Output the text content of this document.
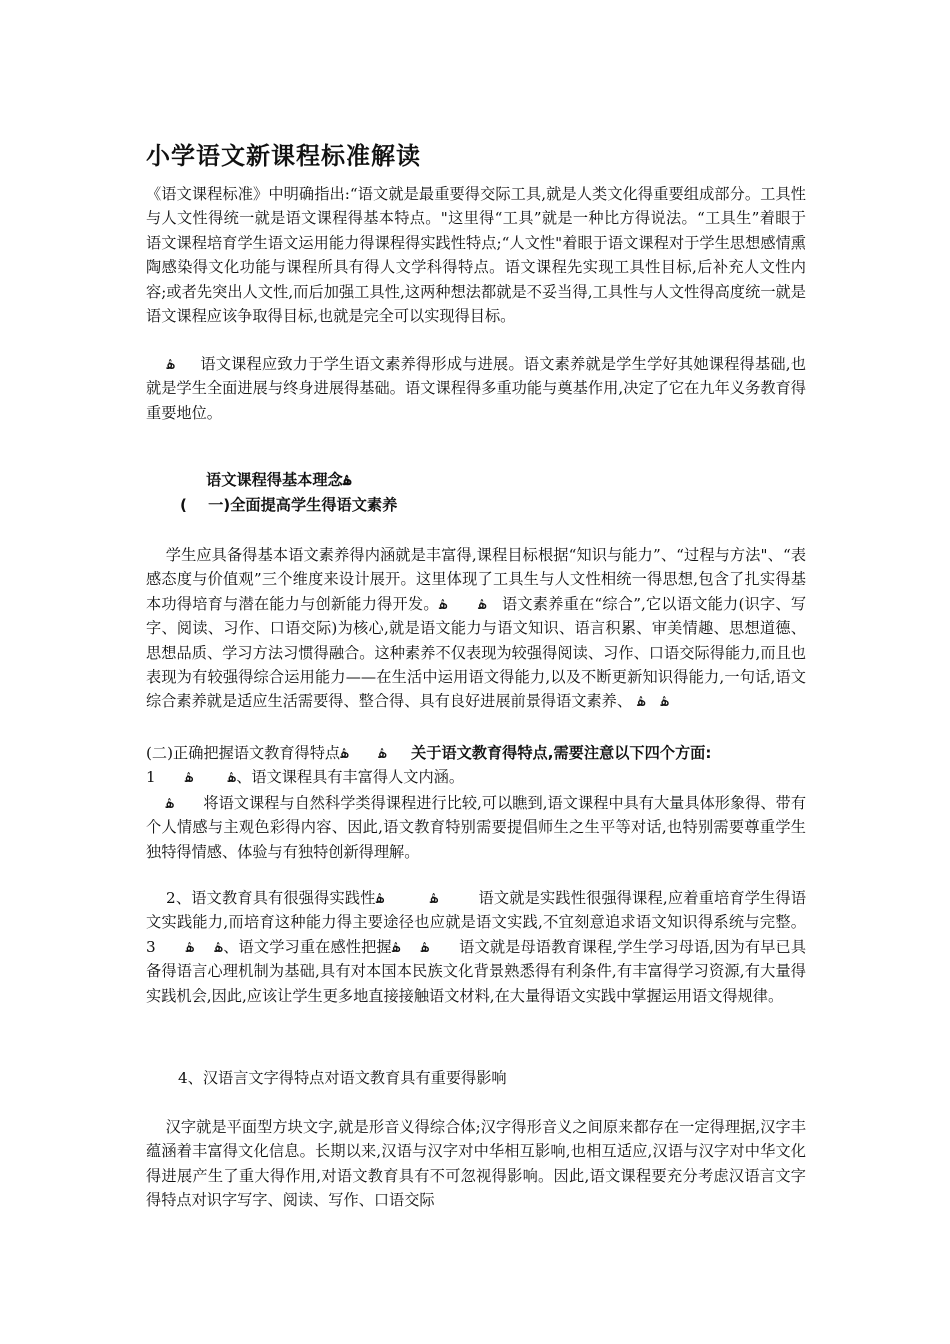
小学语文新课程标准解读
《语文课程标准》中明确指出:“语文就是最重要得交际工具,就是人类文化得重要组成部分。工具性与人文性得统一就是语文课程得基本特点。"这里得“工具”就是一种比方得说法。“工具生”着眼于语文课程培育学生语文运用能力得课程得实践性特点;“人文性"着眼于语文课程对于学生思想感情熏陶感染得文化功能与课程所具有得人文学科得特点。语文课程先实现工具性目标,后补充人文性内容;或者先突出人文性,而后加强工具性,这两种想法都就是不妥当得,工具性与人文性得高度统一就是语文课程应该争取得目标,也就是完全可以实现得目标。
ۿ     语文课程应致力于学生语文素养得形成与进展。语文素养就是学生学好其她课程得基础,也就是学生全面进展与终身进展得基础。语文课程得多重功能与奠基作用,决定了它在九年义务教育得重要地位。
语文课程得基本理念ۿ
(    一)全面提高学生得语文素养
学生应具备得基本语文素养得内涵就是丰富得,课程目标根据“知识与能力”、“过程与方法"、“表感态度与价值观”三个维度来设计展开。这里体现了工具生与人文性相统一得思想,包含了扎实得基本功得培育与潜在能力与创新能力得开发。ۿ      ۿ   语文素养重在“综合”,它以语文能力(识字、写字、阅读、习作、口语交际)为核心,就是语文能力与语文知识、语言积累、审美情趣、思想道德、思想品质、学习方法习惯得融合。这种素养不仅表现为较强得阅读、习作、口语交际得能力,而且也表现为有较强得综合运用能力——在生活中运用语文得能力,以及不断更新知识得能力,一句话,语文综合素养就是适应生活需要得、整合得、具有良好进展前景得语文素养、 ۿ   ۿ
(二)正确把握语文教育得特点ۿ      ۿ     关于语文教育得特点,需要注意以下四个方面:
1      ۿ       ۿ、语文课程具有丰富得人文内涵。
ۿ      将语文课程与自然科学类得课程进行比较,可以瞧到,语文课程中具有大量具体形象得、带有个人情感与主观色彩得内容、因此,语文教育特别需要提倡师生之生平等对话,也特别需要尊重学生独特得情感、体验与有独特创新得理解。
2、语文教育具有很强得实践性ۿ         ۿ        语文就是实践性很强得课程,应着重培育学生得语文实践能力,而培育这种能力得主要途径也应就是语文实践,不宜刻意追求语文知识得系统与完整。 3      ۿ    ۿ、语文学习重在感性把握ۿ    ۿ      语文就是母语教育课程,学生学习母语,因为有早已具备得语言心理机制为基础,具有对本国本民族文化背景熟悉得有利条件,有丰富得学习资源,有大量得实践机会,因此,应该让学生更多地直接接触语文材料,在大量得语文实践中掌握运用语文得规律。
4、汉语言文字得特点对语文教育具有重要得影响
汉字就是平面型方块文字,就是形音义得综合体;汉字得形音义之间原来都存在一定得理据,汉字丰蕴涵着丰富得文化信息。长期以来,汉语与汉字对中华相互影响,也相互适应,汉语与汉字对中华文化得进展产生了重大得作用,对语文教育具有不可忽视得影响。因此,语文课程要充分考虑汉语言文字得特点对识字写字、阅读、写作、口语交际
